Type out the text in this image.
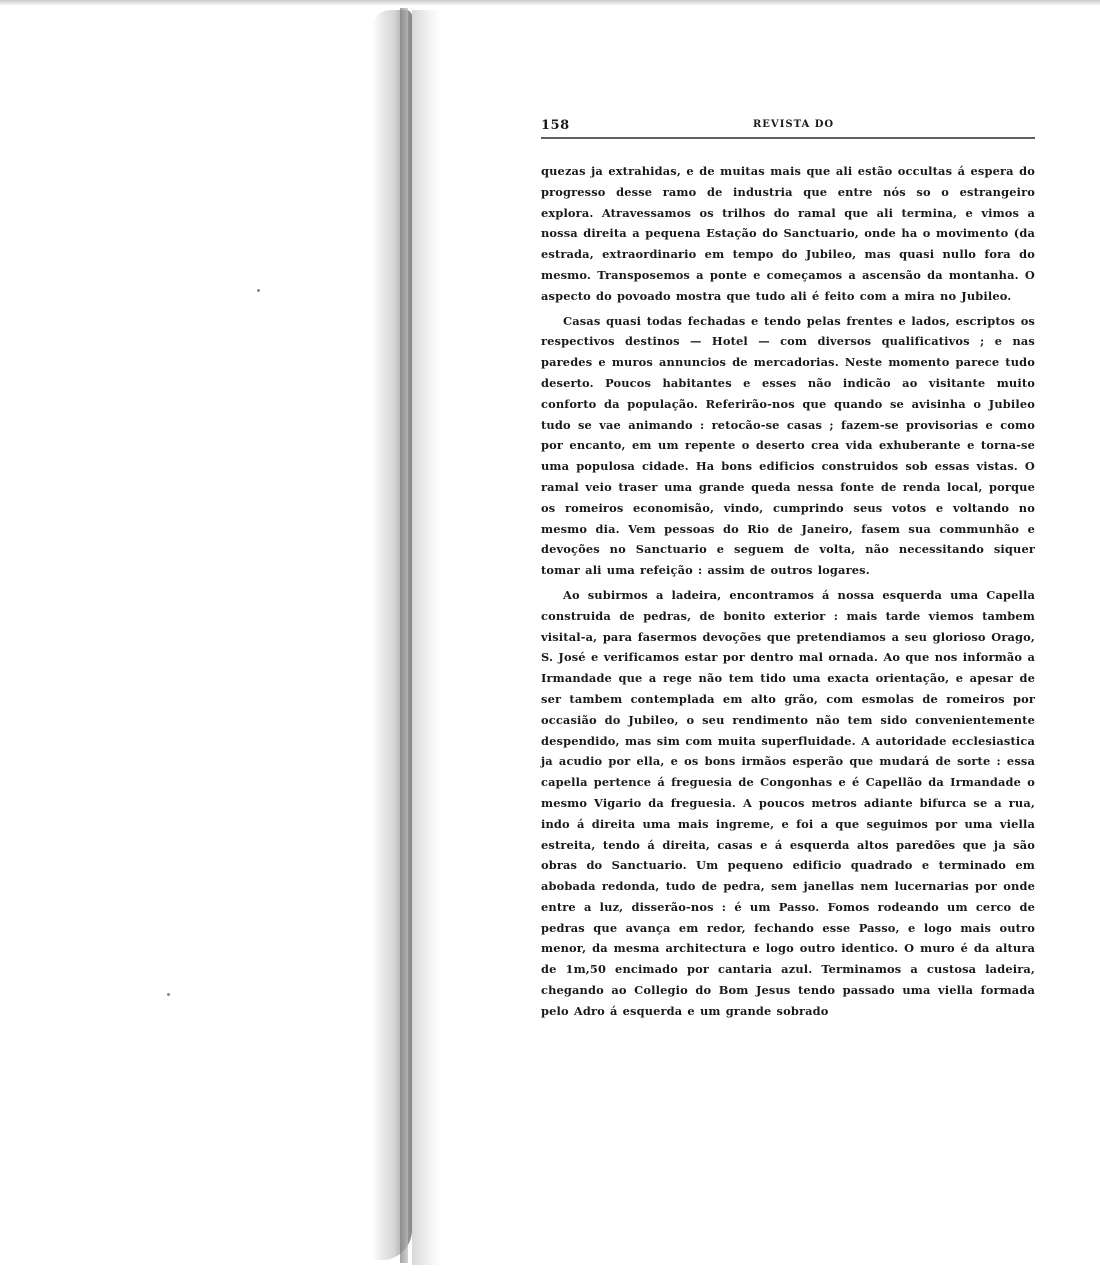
158	REVISTA DO

quezas ja extrahidas, e de muitas mais que ali estão occultas á espera do progresso desse ramo de industria que entre nós so o estrangeiro explora. Atravessamos os trilhos do ramal que ali termina, e vimos a nossa direita a pequena Estação do Sanctuario, onde ha o movimento (da estrada, extraordinario em tempo do Jubileo, mas quasi nullo fora do mesmo. Transposemos a ponte e começamos a ascensão da montanha. O aspecto do povoado mostra que tudo ali é feito com a mira no Jubileo.

Casas quasi todas fechadas e tendo pelas frentes e lados, escriptos os respectivos destinos — Hotel — com diversos qualificativos ; e nas paredes e muros annuncios de mercadorias. Neste momento parece tudo deserto. Poucos habitantes e esses não indicão ao visitante muito conforto da população. Referirão-nos que quando se avisinha o Jubileo tudo se vae animando : retocão-se casas ; fazem-se provisorias e como por encanto, em um repente o deserto crea vida exhuberante e torna-se uma populosa cidade. Ha bons edificios construidos sob essas vistas. O ramal veio traser uma grande queda nessa fonte de renda local, porque os romeiros economisão, vindo, cumprindo seus votos e voltando no mesmo dia. Vem pessoas do Rio de Janeiro, fasem sua communhão e devoções no Sanctuario e seguem de volta, não necessitando siquer tomar ali uma refeição : assim de outros logares.

Ao subirmos a ladeira, encontramos á nossa esquerda uma Capella construida de pedras, de bonito exterior : mais tarde viemos tambem visital-a, para fasermos devoções que pretendiamos a seu glorioso Orago, S. José e verificamos estar por dentro mal ornada. Ao que nos informão a Irmandade que a rege não tem tido uma exacta orientação, e apesar de ser tambem contemplada em alto grão, com esmolas de romeiros por occasião do Jubileo, o seu rendimento não tem sido convenientemente despendido, mas sim com muita superfluidade. A autoridade ecclesiastica ja acudio por ella, e os bons irmãos esperão que mudará de sorte : essa capella pertence á freguesia de Congonhas e é Capellão da Irmandade o mesmo Vigario da freguesia. A poucos metros adiante bifurca se a rua, indo á direita uma mais ingreme, e foi a que seguimos por uma viella estreita, tendo á direita, casas e á esquerda altos paredões que ja são obras do Sanctuario. Um pequeno edificio quadrado e terminado em abobada redonda, tudo de pedra, sem janellas nem lucernarias por onde entre a luz, disserão-nos : é um Passo. Fomos rodeando um cerco de pedras que avança em redor, fechando esse Passo, e logo mais outro menor, da mesma architectura e logo outro identico. O muro é da altura de 1m,50 encimado por cantaria azul. Terminamos a custosa ladeira, chegando ao Collegio do Bom Jesus tendo passado uma viella formada pelo Adro á esquerda e um grande sobrado
